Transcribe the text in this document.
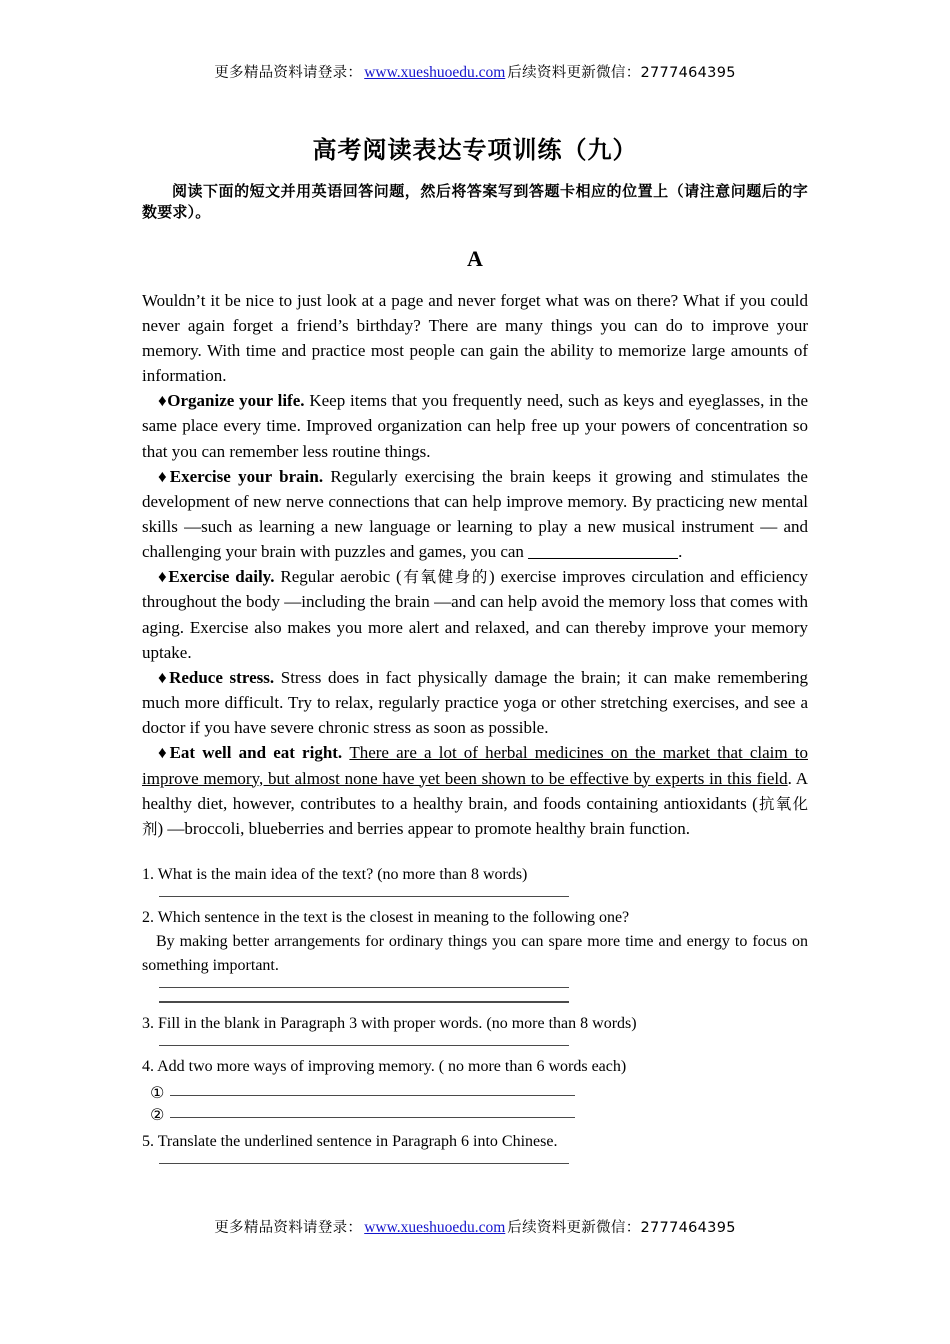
更多精品资料请登录： www.xueshuoedu.com 后续资料更新微信：2777464395
高考阅读表达专项训练（九）

阅读下面的短文并用英语回答问题，然后将答案写到答题卡相应的位置上（请注意问题后的字数要求）。

A

Wouldn’t it be nice to just look at a page and never forget what was on there? What if you could never again forget a friend’s birthday? There are many things you can do to improve your memory. With time and practice most people can gain the ability to memorize large amounts of information.

♦Organize your life. Keep items that you frequently need, such as keys and eyeglasses, in the same place every time. Improved organization can help free up your powers of concentration so that you can remember less routine things.

♦Exercise your brain. Regularly exercising the brain keeps it growing and stimulates the development of new nerve connections that can help improve memory. By practicing new mental skills —such as learning a new language or learning to play a new musical instrument — and challenging your brain with puzzles and games, you can	.

♦Exercise daily. Regular aerobic (有氧健身的) exercise improves circulation and efficiency throughout the body —including the brain —and can help avoid the memory loss that comes with aging. Exercise also makes you more alert and relaxed, and can thereby improve your memory uptake.

♦Reduce stress. Stress does in fact physically damage the brain; it can make remembering much more difficult. Try to relax, regularly practice yoga or other stretching exercises, and see a doctor if you have severe chronic stress as soon as possible.

♦Eat well and eat right. There are a lot of herbal medicines on the market that claim to improve memory, but almost none have yet been shown to be effective by experts in this field. A healthy diet, however, contributes to a healthy brain, and foods containing antioxidants (抗氧化剂) —broccoli, blueberries and berries appear to promote healthy brain function.

1. What is the main idea of the text? (no more than 8 words)

2. Which sentence in the text is the closest in meaning to the following one?

By making better arrangements for ordinary things you can spare more time and energy to focus on something important.

3. Fill in the blank in Paragraph 3 with proper words. (no more than 8 words)

4. Add two more ways of improving memory. ( no more than 6 words each)

①
②

5. Translate the underlined sentence in Paragraph 6 into Chinese.

更多精品资料请登录： www.xueshuoedu.com 后续资料更新微信：2777464395
